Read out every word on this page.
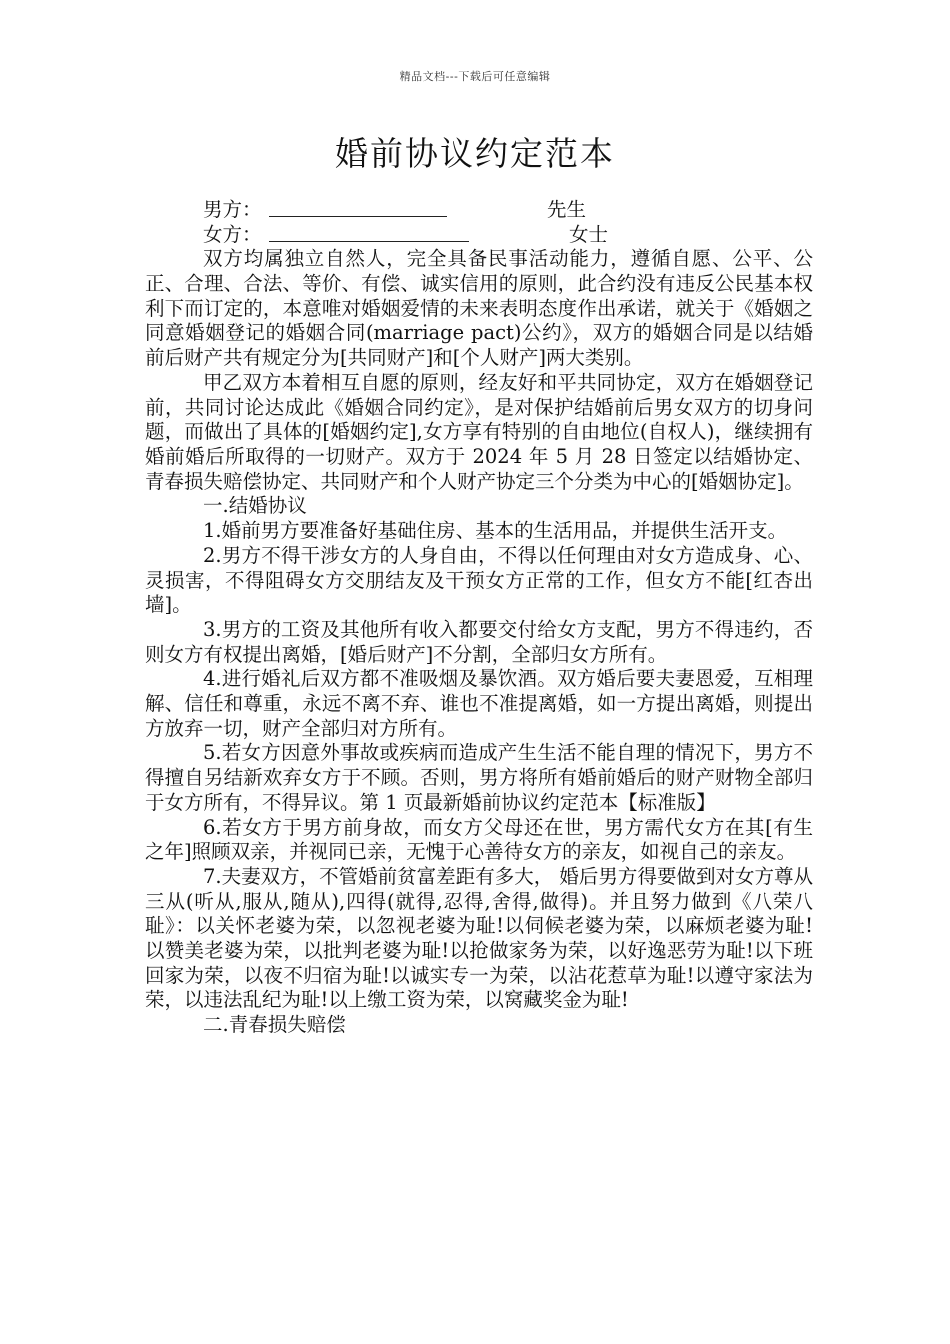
精品文档---下载后可任意编辑
婚前协议约定范本
男方：	先生
女方：	女士

双方均属独立自然人，完全具备民事活动能力，遵循自愿、公平、公正、合理、合法、等价、有偿、诚实信用的原则，此合约没有违反公民基本权利下而订定的，本意唯对婚姻爱情的未来表明态度作出承诺，就关于《婚姻之同意婚姻登记的婚姻合同(marriage pact)公约》，双方的婚姻合同是以结婚前后财产共有规定分为[共同财产]和[个人财产]两大类别。

甲乙双方本着相互自愿的原则，经友好和平共同协定，双方在婚姻登记前，共同讨论达成此《婚姻合同约定》，是对保护结婚前后男女双方的切身问题，而做出了具体的[婚姻约定],女方享有特别的自由地位(自权人)，继续拥有婚前婚后所取得的一切财产。双方于 2024 年 5 月 28 日签定以结婚协定、青春损失赔偿协定、共同财产和个人财产协定三个分类为中心的[婚姻协定]。

一.结婚协议

1.婚前男方要准备好基础住房、基本的生活用品，并提供生活开支。

2.男方不得干涉女方的人身自由，不得以任何理由对女方造成身、心、灵损害，不得阻碍女方交朋结友及干预女方正常的工作，但女方不能[红杏出墙]。

3.男方的工资及其他所有收入都要交付给女方支配，男方不得违约，否则女方有权提出离婚，[婚后财产]不分割，全部归女方所有。

4.进行婚礼后双方都不准吸烟及暴饮酒。双方婚后要夫妻恩爱，互相理解、信任和尊重，永远不离不弃、谁也不准提离婚，如一方提出离婚，则提出方放弃一切，财产全部归对方所有。

5.若女方因意外事故或疾病而造成产生生活不能自理的情况下，男方不得擅自另结新欢弃女方于不顾。否则，男方将所有婚前婚后的财产财物全部归于女方所有，不得异议。第 1 页最新婚前协议约定范本【标准版】

6.若女方于男方前身故，而女方父母还在世，男方需代女方在其[有生之年]照顾双亲，并视同已亲，无愧于心善待女方的亲友，如视自己的亲友。

7.夫妻双方，不管婚前贫富差距有多大， 婚后男方得要做到对女方尊从三从(听从,服从,随从),四得(就得,忍得,舍得,做得)。并且努力做到《八荣八耻》：以关怀老婆为荣，以忽视老婆为耻!以伺候老婆为荣，以麻烦老婆为耻!以赞美老婆为荣，以批判老婆为耻!以抢做家务为荣，以好逸恶劳为耻!以下班回家为荣，以夜不归宿为耻!以诚实专一为荣，以沾花惹草为耻!以遵守家法为荣，以违法乱纪为耻!以上缴工资为荣，以窝藏奖金为耻!

二.青春损失赔偿
